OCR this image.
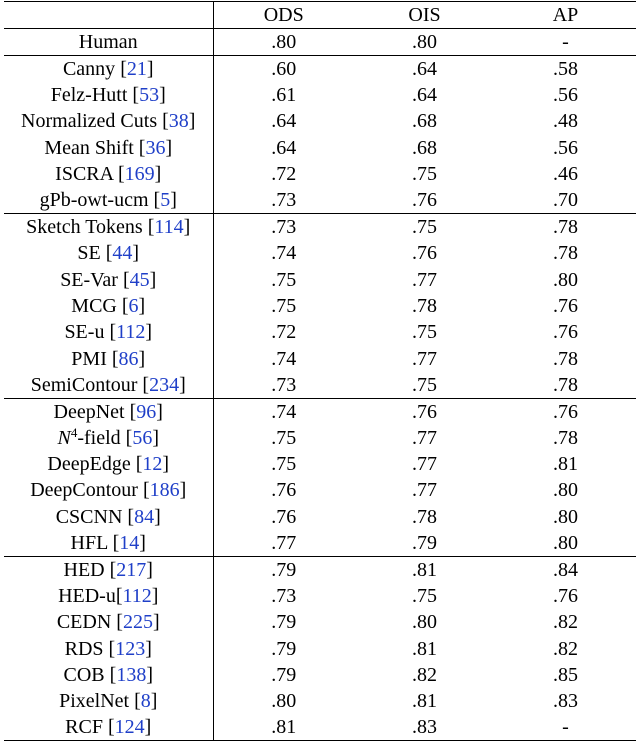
	ODS	OIS	AP
Human	.80	.80	-
Canny [21]	.60	.64	.58
Felz-Hutt [53]	.61	.64	.56
Normalized Cuts [38]	.64	.68	.48
Mean Shift [36]	.64	.68	.56
ISCRA [169]	.72	.75	.46
gPb-owt-ucm [5]	.73	.76	.70
Sketch Tokens [114]	.73	.75	.78
SE [44]	.74	.76	.78
SE-Var [45]	.75	.77	.80
MCG [6]	.75	.78	.76
SE-u [112]	.72	.75	.76
PMI [86]	.74	.77	.78
SemiContour [234]	.73	.75	.78
DeepNet [96]	.74	.76	.76
$N^4$-field [56]	.75	.77	.78
DeepEdge [12]	.75	.77	.81
DeepContour [186]	.76	.77	.80
CSCNN [84]	.76	.78	.80
HFL [14]	.77	.79	.80
HED [217]	.79	.81	.84
HED-u[112]	.73	.75	.76
CEDN [225]	.79	.80	.82
RDS [123]	.79	.81	.82
COB [138]	.79	.82	.85
PixelNet [8]	.80	.81	.83
RCF [124]	.81	.83	-
